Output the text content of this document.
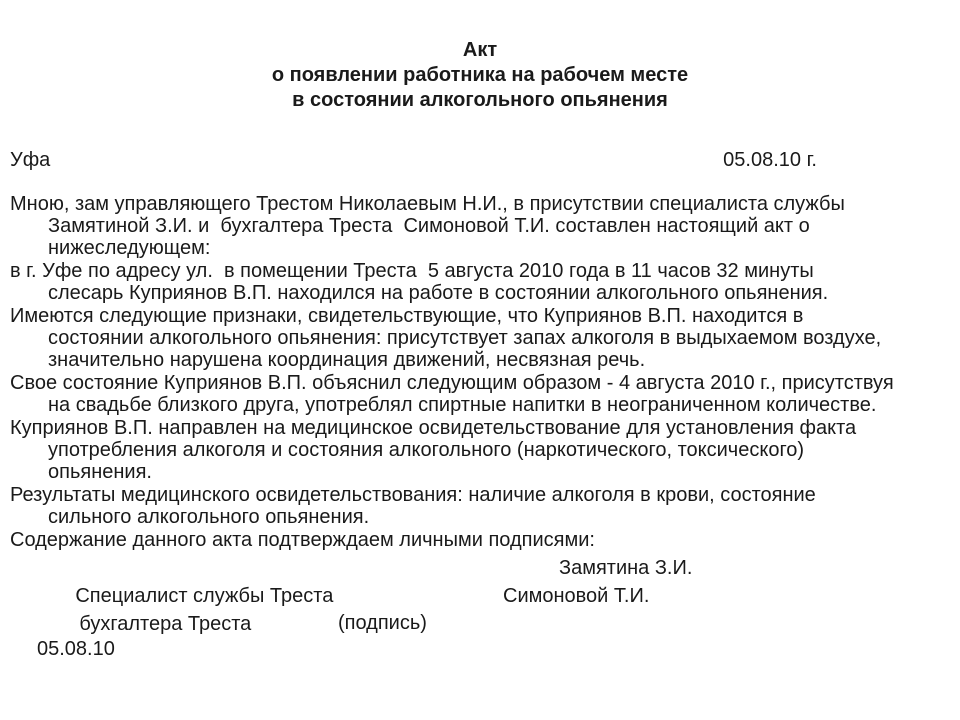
Акт
о появлении работника на рабочем месте
в состоянии алкогольного опьянения
Уфа	05.08.10 г.
Мною, зам управляющего Трестом Николаевым Н.И., в присутствии специалиста службы
Замятиной З.И. и  бухгалтера Треста  Симоновой Т.И. составлен настоящий акт о
нижеследующем:
в г. Уфе по адресу ул.  в помещении Треста  5 августа 2010 года в 11 часов 32 минуты
слесарь Куприянов В.П. находился на работе в состоянии алкогольного опьянения.
Имеются следующие признаки, свидетельствующие, что Куприянов В.П. находится в
состоянии алкогольного опьянения: присутствует запах алкоголя в выдыхаемом воздухе,
значительно нарушена координация движений, несвязная речь.
Свое состояние Куприянов В.П. объяснил следующим образом - 4 августа 2010 г., присутствуя
на свадьбе близкого друга, употреблял спиртные напитки в неограниченном количестве.
Куприянов В.П. направлен на медицинское освидетельствование для установления факта
употребления алкоголя и состояния алкогольного (наркотического, токсического)
опьянения.
Результаты медицинского освидетельствования: наличие алкоголя в крови, состояние
сильного алкогольного опьянения.
Содержание данного акта подтверждаем личными подписями:

Специалист службы Треста

Замятина З.И.

бухгалтера Треста

Симоновой Т.И.

(подпись)
05.08.10
